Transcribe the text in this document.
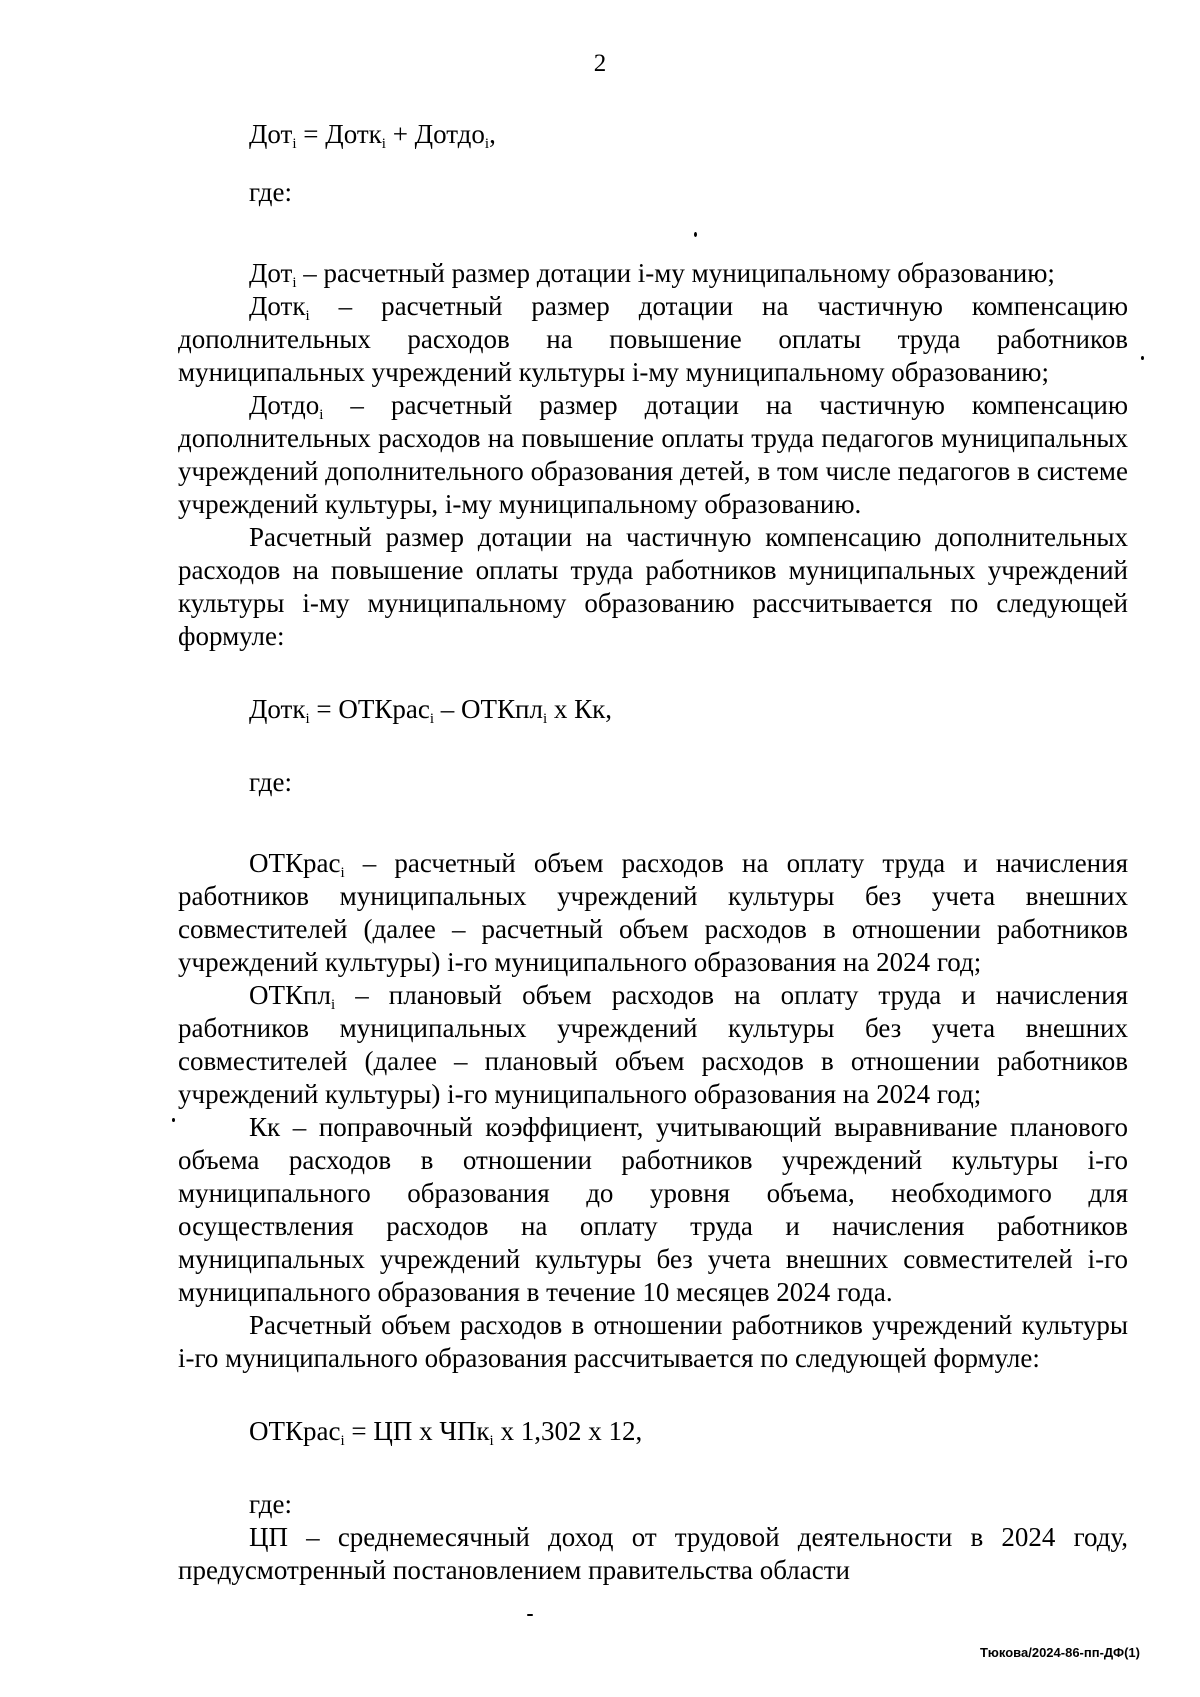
2

Дот$_i$ = Дотк$_i$ + Дотдо$_i$,

где:

Дот$_i$ – расчетный размер дотации i-му муниципальному образованию;

Дотк$_i$ – расчетный размер дотации на частичную компенсацию дополнительных расходов на повышение оплаты труда работников муниципальных учреждений культуры i-му муниципальному образованию;

Дотдо$_i$ – расчетный размер дотации на частичную компенсацию дополнительных расходов на повышение оплаты труда педагогов муниципальных учреждений дополнительного образования детей, в том числе педагогов в системе учреждений культуры, i-му муниципальному образованию.

Расчетный размер дотации на частичную компенсацию дополнительных расходов на повышение оплаты труда работников муниципальных учреждений культуры i-му муниципальному образованию рассчитывается по следующей формуле:

Дотк$_i$ = ОТКрас$_i$ – ОТКпл$_i$ х Кк,

где:

ОТКрас$_i$ – расчетный объем расходов на оплату труда и начисления работников муниципальных учреждений культуры без учета внешних совместителей (далее – расчетный объем расходов в отношении работников учреждений культуры) i-го муниципального образования на 2024 год;

ОТКпл$_i$ – плановый объем расходов на оплату труда и начисления работников муниципальных учреждений культуры без учета внешних совместителей (далее – плановый объем расходов в отношении работников учреждений культуры) i-го муниципального образования на 2024 год;

Кк – поправочный коэффициент, учитывающий выравнивание планового объема расходов в отношении работников учреждений культуры i-го муниципального образования до уровня объема, необходимого для осуществления расходов на оплату труда и начисления работников муниципальных учреждений культуры без учета внешних совместителей i-го муниципального образования в течение 10 месяцев 2024 года.

Расчетный объем расходов в отношении работников учреждений культуры i-го муниципального образования рассчитывается по следующей формуле:

ОТКрас$_i$ = ЦП х ЧПк$_i$ х 1,302 х 12,

где:

ЦП – среднемесячный доход от трудовой деятельности в 2024 году, предусмотренный постановлением правительства области

Тюкова/2024-86-пп-ДФ(1)
